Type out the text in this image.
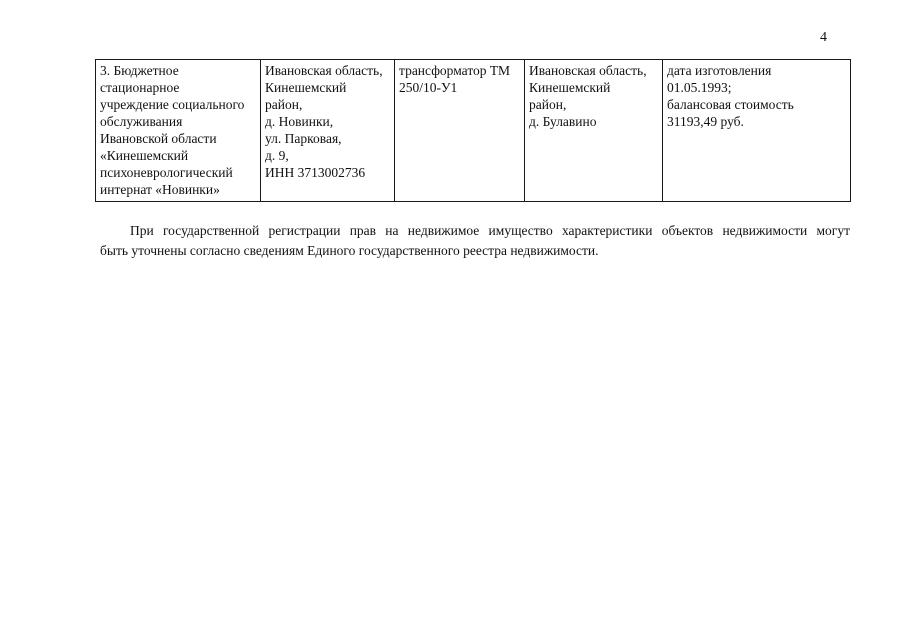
4
3. Бюджетное
стационарное
учреждение социального
обслуживания
Ивановской области
«Кинешемский
психоневрологический
интернат «Новинки»

Ивановская область,
Кинешемский
район,
д. Новинки,
ул. Парковая,
д. 9,
ИНН 3713002736

трансформатор ТМ
250/10-У1

Ивановская область,
Кинешемский
район,
д. Булавино

дата изготовления
01.05.1993;
балансовая стоимость
31193,49 руб.
При государственной регистрации прав на недвижимое имущество характеристики объектов недвижимости могут
быть уточнены согласно сведениям Единого государственного реестра недвижимости.
